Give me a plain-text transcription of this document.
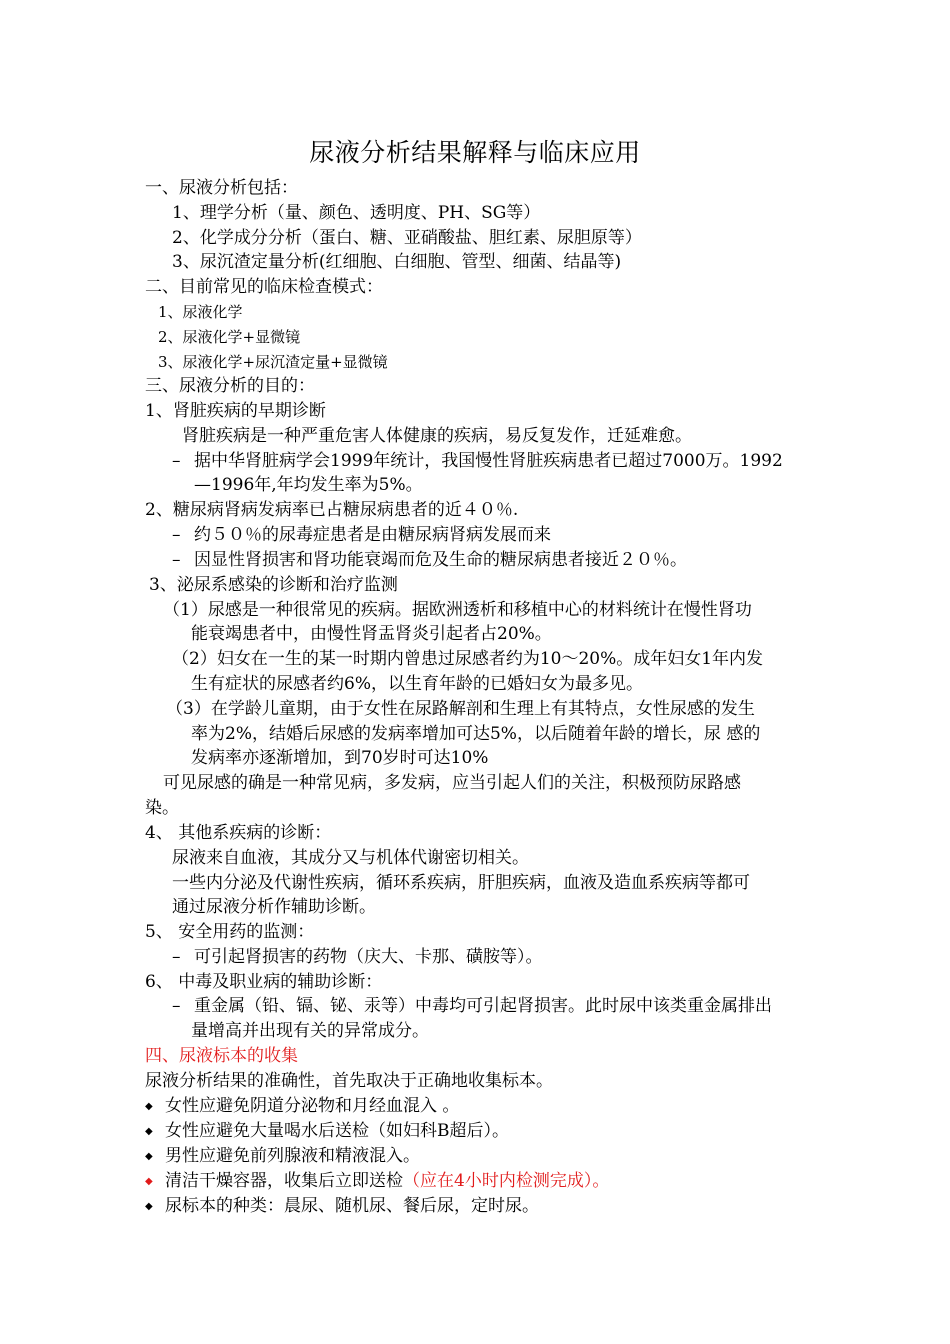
尿液分析结果解释与临床应用
一、尿液分析包括：
1、理学分析（量、颜色、透明度、PH、SG等）
2、化学成分分析（蛋白、糖、亚硝酸盐、胆红素、尿胆原等）
3、尿沉渣定量分析(红细胞、白细胞、管型、细菌、结晶等)
二、目前常见的临床检查模式：
1、尿液化学
2、尿液化学+显微镜
3、尿液化学+尿沉渣定量+显微镜
三、尿液分析的目的：
1、肾脏疾病的早期诊断
肾脏疾病是一种严重危害人体健康的疾病，易反复发作，迁延难愈。
– 据中华肾脏病学会1999年统计，我国慢性肾脏疾病患者已超过7000万。1992
—1996年,年均发生率为5%。
2、糖尿病肾病发病率已占糖尿病患者的近４０％.
– 约５０％的尿毒症患者是由糖尿病肾病发展而来
– 因显性肾损害和肾功能衰竭而危及生命的糖尿病患者接近２０％。
3、泌尿系感染的诊断和治疗监测
（1）尿感是一种很常见的疾病。据欧洲透析和移植中心的材料统计在慢性肾功
能衰竭患者中，由慢性肾盂肾炎引起者占20%。
（2）妇女在一生的某一时期内曾患过尿感者约为10～20%。成年妇女1年内发
生有症状的尿感者约6%，以生育年龄的已婚妇女为最多见。
（3）在学龄儿童期，由于女性在尿路解剖和生理上有其特点，女性尿感的发生
率为2%，结婚后尿感的发病率增加可达5%，以后随着年龄的增长，尿 感的
发病率亦逐渐增加，到70岁时可达10%
可见尿感的确是一种常见病，多发病，应当引起人们的关注，积极预防尿路感
染。
4、 其他系疾病的诊断：
尿液来自血液，其成分又与机体代谢密切相关。
一些内分泌及代谢性疾病，循环系疾病，肝胆疾病，血液及造血系疾病等都可
通过尿液分析作辅助诊断。
5、 安全用药的监测：
– 可引起肾损害的药物（庆大、卡那、磺胺等）。
6、 中毒及职业病的辅助诊断：
– 重金属（铅、镉、铋、汞等）中毒均可引起肾损害。此时尿中该类重金属排出
量增高并出现有关的异常成分。
四、尿液标本的收集
尿液分析结果的准确性，首先取决于正确地收集标本。
◆ 女性应避免阴道分泌物和月经血混入 。
◆ 女性应避免大量喝水后送检（如妇科B超后）。
◆ 男性应避免前列腺液和精液混入。
◆ 清洁干燥容器，收集后立即送检（应在4小时内检测完成）。
◆ 尿标本的种类：晨尿、随机尿、餐后尿，定时尿。
